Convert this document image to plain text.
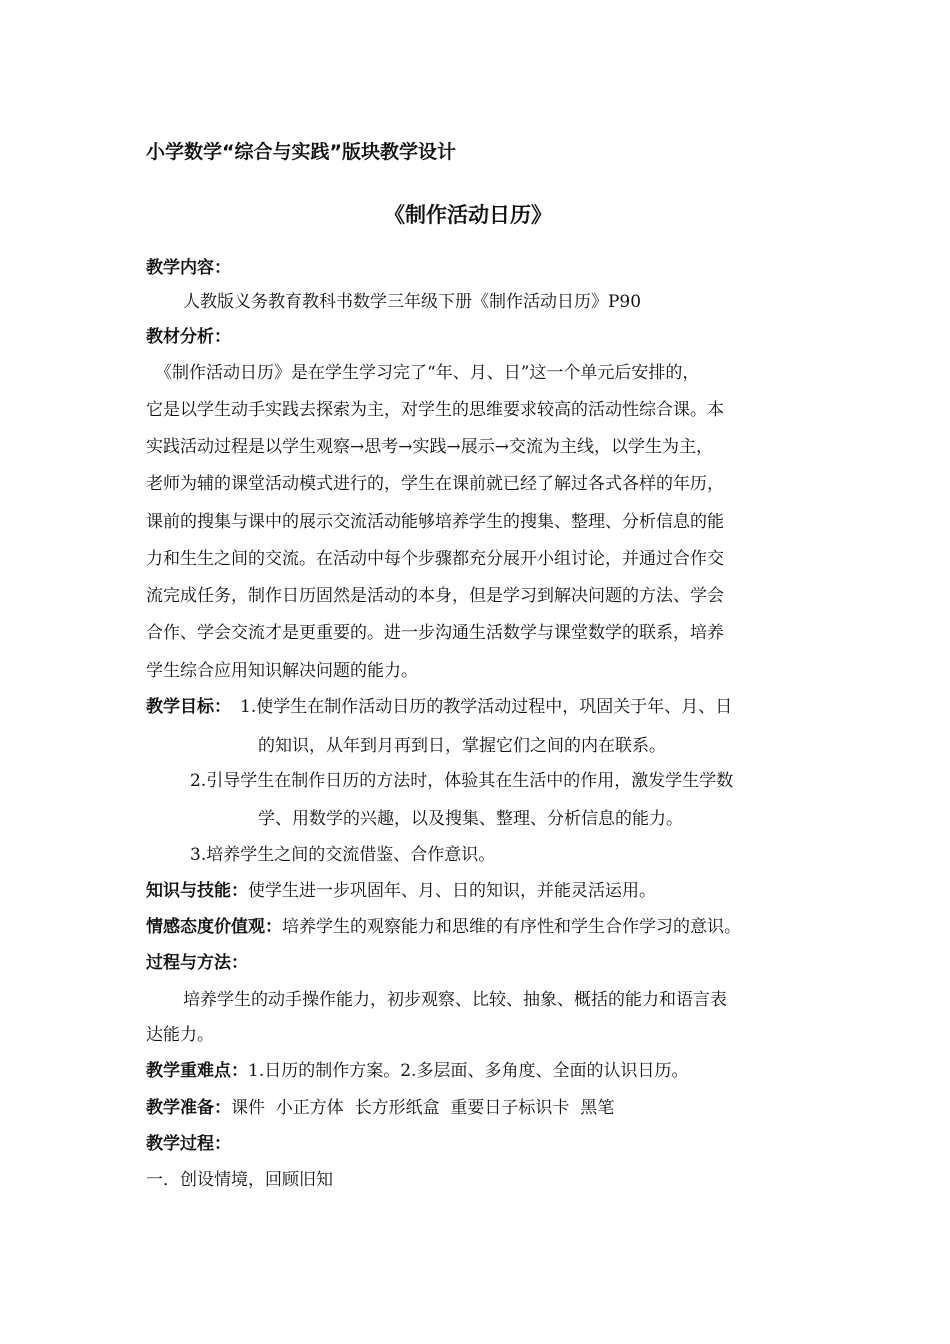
小学数学“综合与实践”版块教学设计
《制作活动日历》
教学内容：
人教版义务教育教科书数学三年级下册《制作活动日历》P90
教材分析：
《制作活动日历》是在学生学习完了“年、月、日”这一个单元后安排的，
它是以学生动手实践去探索为主，对学生的思维要求较高的活动性综合课。本
实践活动过程是以学生观察→思考→实践→展示→交流为主线，以学生为主，
老师为辅的课堂活动模式进行的，学生在课前就已经了解过各式各样的年历，
课前的搜集与课中的展示交流活动能够培养学生的搜集、整理、分析信息的能
力和生生之间的交流。在活动中每个步骤都充分展开小组讨论，并通过合作交
流完成任务，制作日历固然是活动的本身，但是学习到解决问题的方法、学会
合作、学会交流才是更重要的。进一步沟通生活数学与课堂数学的联系，培养
学生综合应用知识解决问题的能力。
教学目标： 1.使学生在制作活动日历的教学活动过程中，巩固关于年、月、日
的知识，从年到月再到日，掌握它们之间的内在联系。
2.引导学生在制作日历的方法时，体验其在生活中的作用，激发学生学数
学、用数学的兴趣，以及搜集、整理、分析信息的能力。
3.培养学生之间的交流借鉴、合作意识。
知识与技能：使学生进一步巩固年、月、日的知识，并能灵活运用。
情感态度价值观：培养学生的观察能力和思维的有序性和学生合作学习的意识。
过程与方法：
培养学生的动手操作能力，初步观察、比较、抽象、概括的能力和语言表
达能力。
教学重难点：1.日历的制作方案。2.多层面、多角度、全面的认识日历。
教学准备：课件  小正方体  长方形纸盒  重要日子标识卡  黑笔
教学过程：
一．创设情境，回顾旧知
